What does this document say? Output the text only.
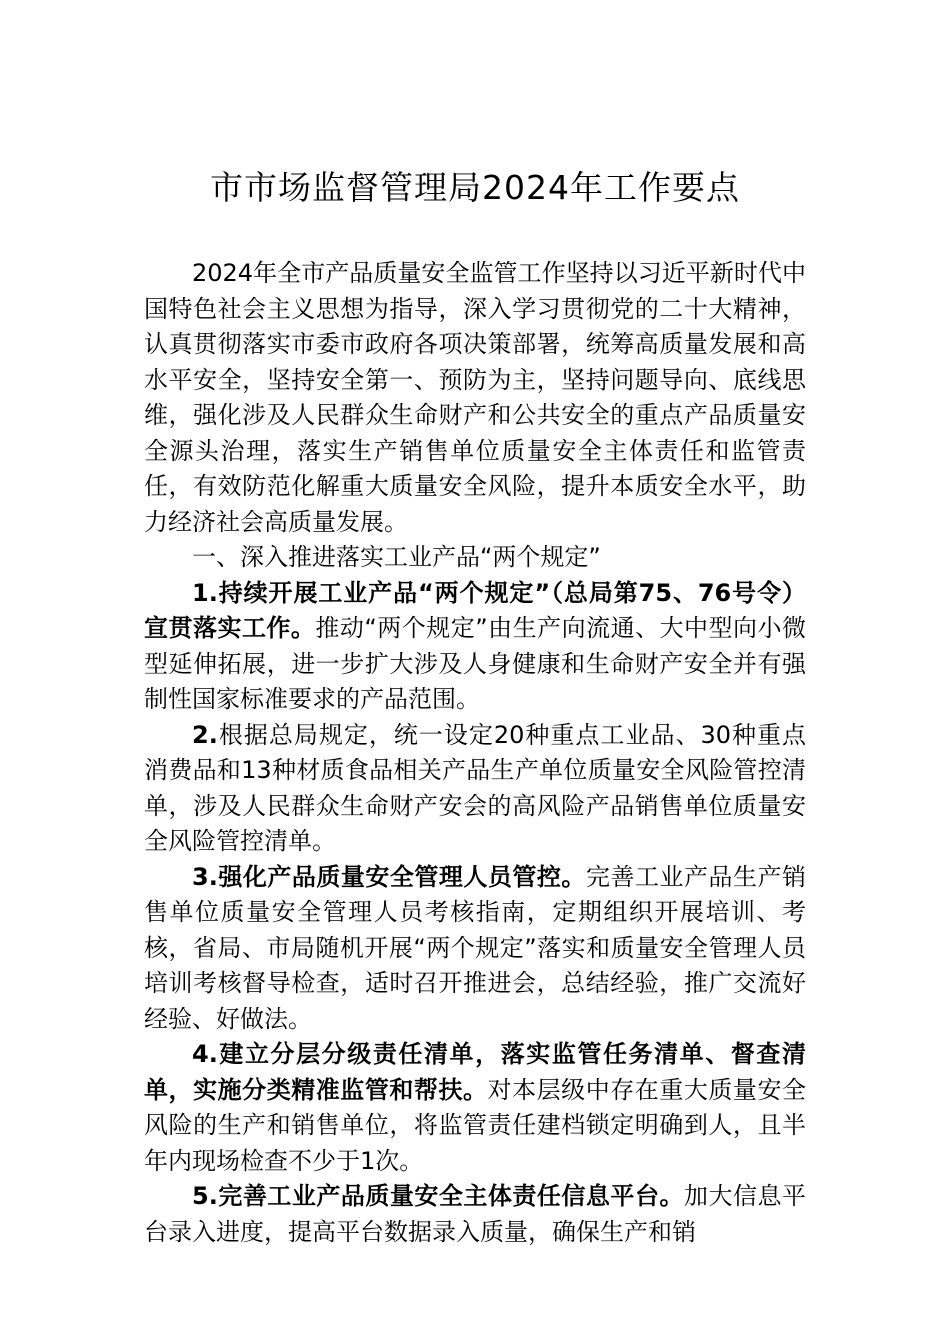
市市场监督管理局2024年工作要点

2024年全市产品质量安全监管工作坚持以习近平新时代中国特色社会主义思想为指导，深入学习贯彻党的二十大精神，认真贯彻落实市委市政府各项决策部署，统筹高质量发展和高水平安全，坚持安全第一、预防为主，坚持问题导向、底线思维，强化涉及人民群众生命财产和公共安全的重点产品质量安全源头治理，落实生产销售单位质量安全主体责任和监管责任，有效防范化解重大质量安全风险，提升本质安全水平，助力经济社会高质量发展。

一、深入推进落实工业产品“两个规定”

1.持续开展工业产品“两个规定”（总局第75、76号令）宣贯落实工作。推动“两个规定”由生产向流通、大中型向小微型延伸拓展，进一步扩大涉及人身健康和生命财产安全并有强制性国家标准要求的产品范围。

2.根据总局规定，统一设定20种重点工业品、30种重点消费品和13种材质食品相关产品生产单位质量安全风险管控清单，涉及人民群众生命财产安会的高风险产品销售单位质量安全风险管控清单。

3.强化产品质量安全管理人员管控。完善工业产品生产销售单位质量安全管理人员考核指南，定期组织开展培训、考核，省局、市局随机开展“两个规定”落实和质量安全管理人员培训考核督导检查，适时召开推进会，总结经验，推广交流好经验、好做法。

4.建立分层分级责任清单，落实监管任务清单、督查清单，实施分类精准监管和帮扶。对本层级中存在重大质量安全风险的生产和销售单位，将监管责任建档锁定明确到人，且半年内现场检查不少于1次。

5.完善工业产品质量安全主体责任信息平台。加大信息平台录入进度，提高平台数据录入质量，确保生产和销
